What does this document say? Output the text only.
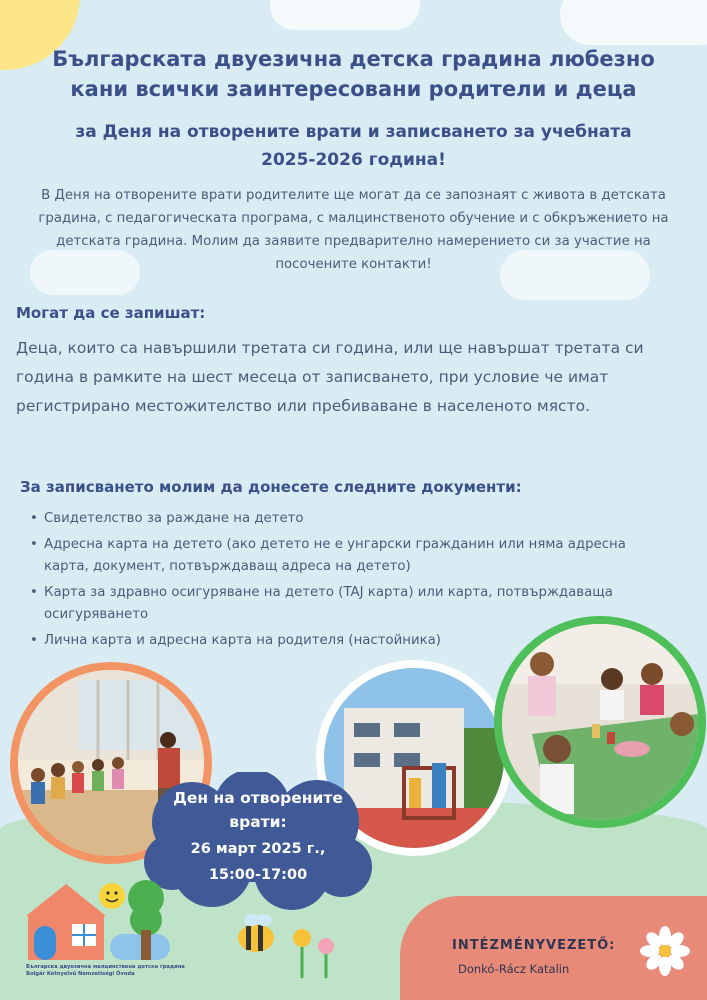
Българската двуезична детска градина любезно
кани всички заинтересовани родители и деца
за Деня на отворените врати и записването за учебната
2025-2026 година!
В Деня на отворените врати родителите ще могат да се запознаят с живота в детската градина, с педагогическата програма, с малцинственото обучение и с обкръжението на детската градина. Молим да заявите предварително намерението си за участие на посочените контакти!
Могат да се запишат:
Деца, които са навършили третата си година, или ще навършат третата си година в рамките на шест месеца от записването, при условие че имат регистрирано местожителство или пребиваване в населеното място.
За записването молим да донесете следните документи:
• Свидетелство за раждане на детето
• Адресна карта на детето (ако детето не е унгарски гражданин или няма адресна карта, документ, потвърждаващ адреса на детето)
• Карта за здравно осигуряване на детето (TAJ карта) или карта, потвърждаваща осигуряването
• Лична карта и адресна карта на родителя (настойника)
Ден на отворените
врати:
26 март 2025 г.,
15:00-17:00
Българска двуезична малцинствена детска градина
Bolgár Kétnyelvű Nemzetiségi Óvoda
INTÉZMÉNYVEZETŐ:
Donkó-Rácz Katalin
